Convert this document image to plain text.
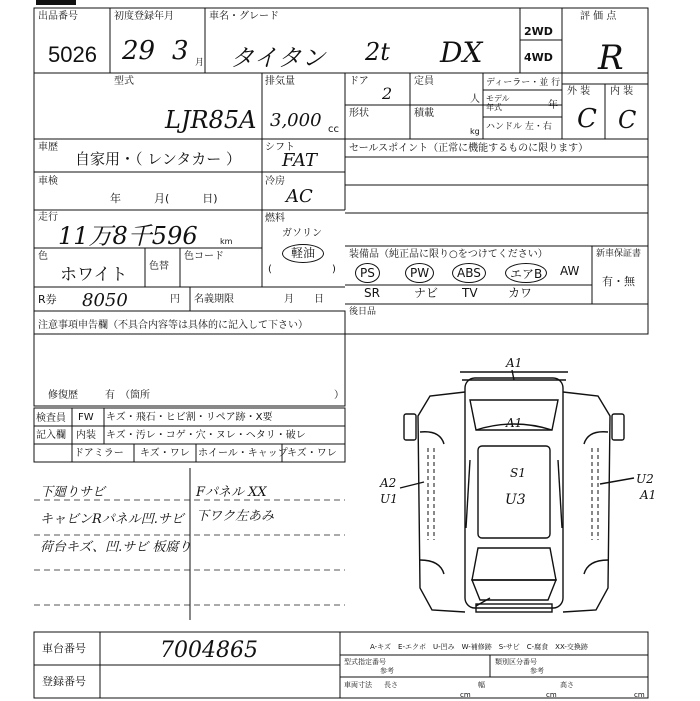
出品番号
5026
初度登録年月
29 3 月
車名・グレード
タイタン 2t DX
2WD
4WD
評 価 点
R
外 装 内 装
C C
型式
LJR85A
排気量
3,000 cc
ドア
2
定員
人
ディーラー・並 行
モデル
年式	年
形状	積載
kg ハンドル 左・右
車歴
自家用・（ レンタカー ）
車検
年　　　月(　　　日)
走行
11万8千596	km
色
ホワイト 色替
色コード
R券 8050	円 名義期限	月　　日
注意事項申告欄（不具合内容等は具体的に記入して下さい）
修復歴	有　（箇所	）
シフト
FAT
冷房
AC
燃料
ガソリン
軽油
(	)
セールスポイント（正常に機能するものに限ります）
装備品（純正品に限り○をつけてください）	新車保証書
有・無
PS	PW	ABS	エアB	AW
SR	ナビ TV	カワ
後日品
検査員
記入欄
FW キズ・飛石・ヒビ割・リペア跡・X要
内装 キズ・汚レ・コゲ・穴・ヌレ・ヘタリ・破レ
ドアミラー キズ・ワレ ホイール・キャップ キズ・ワレ
下廻りサビ
キャビンRパネル凹.サビ
荷台キズ、凹.サビ 板腐り
Fパネル XX
下ワク左あみ
A1
A1
A2
U1
S1
U3
U2
A1
車台番号	7004865
登録番号
A-キズ　E-エクボ　U-凹み　W-補修跡　S-サビ　C-腐食　XX-交換跡
型式指定番号	類別区分番号
参考	参考
車両寸法 長さ	幅	高さ
cm	cm	cm
